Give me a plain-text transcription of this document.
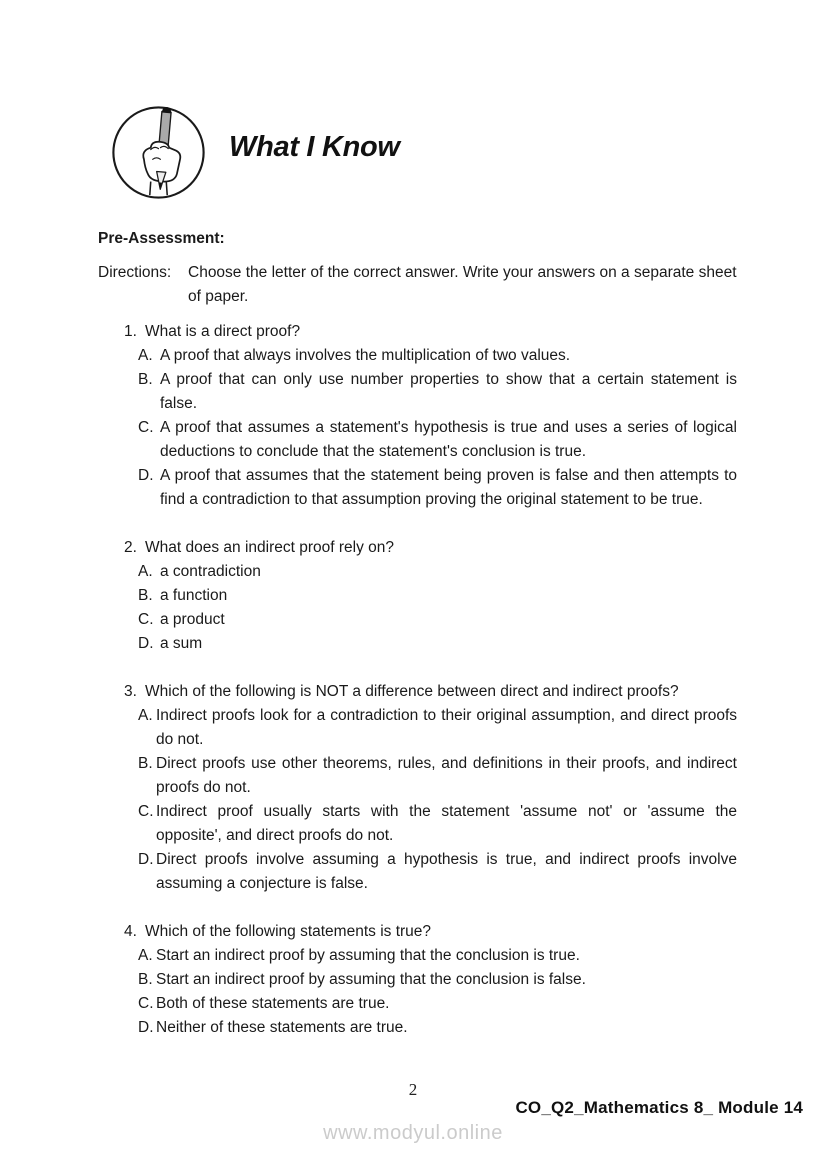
What I Know

Pre-Assessment:

Directions:	Choose the letter of the correct answer. Write your answers on a separate sheet of paper.
1. What is a direct proof?
A. A proof that always involves the multiplication of two values.
B. A proof that can only use number properties to show that a certain statement is false.
C. A proof that assumes a statement's hypothesis is true and uses a series of logical deductions to conclude that the statement's conclusion is true.
D. A proof that assumes that the statement being proven is false and then attempts to find a contradiction to that assumption proving the original statement to be true.
2. What does an indirect proof rely on?
A. a contradiction
B. a function
C. a product
D. a sum
3. Which of the following is NOT a difference between direct and indirect proofs?
A. Indirect proofs look for a contradiction to their original assumption, and direct proofs do not.
B. Direct proofs use other theorems, rules, and definitions in their proofs, and indirect proofs do not.
C. Indirect proof usually starts with the statement 'assume not' or 'assume the opposite', and direct proofs do not.
D. Direct proofs involve assuming a hypothesis is true, and indirect proofs involve assuming a conjecture is false.
4. Which of the following statements is true?
A. Start an indirect proof by assuming that the conclusion is true.
B. Start an indirect proof by assuming that the conclusion is false.
C. Both of these statements are true.
D. Neither of these statements are true.
2
CO_Q2_Mathematics 8_ Module 14
www.modyul.online
